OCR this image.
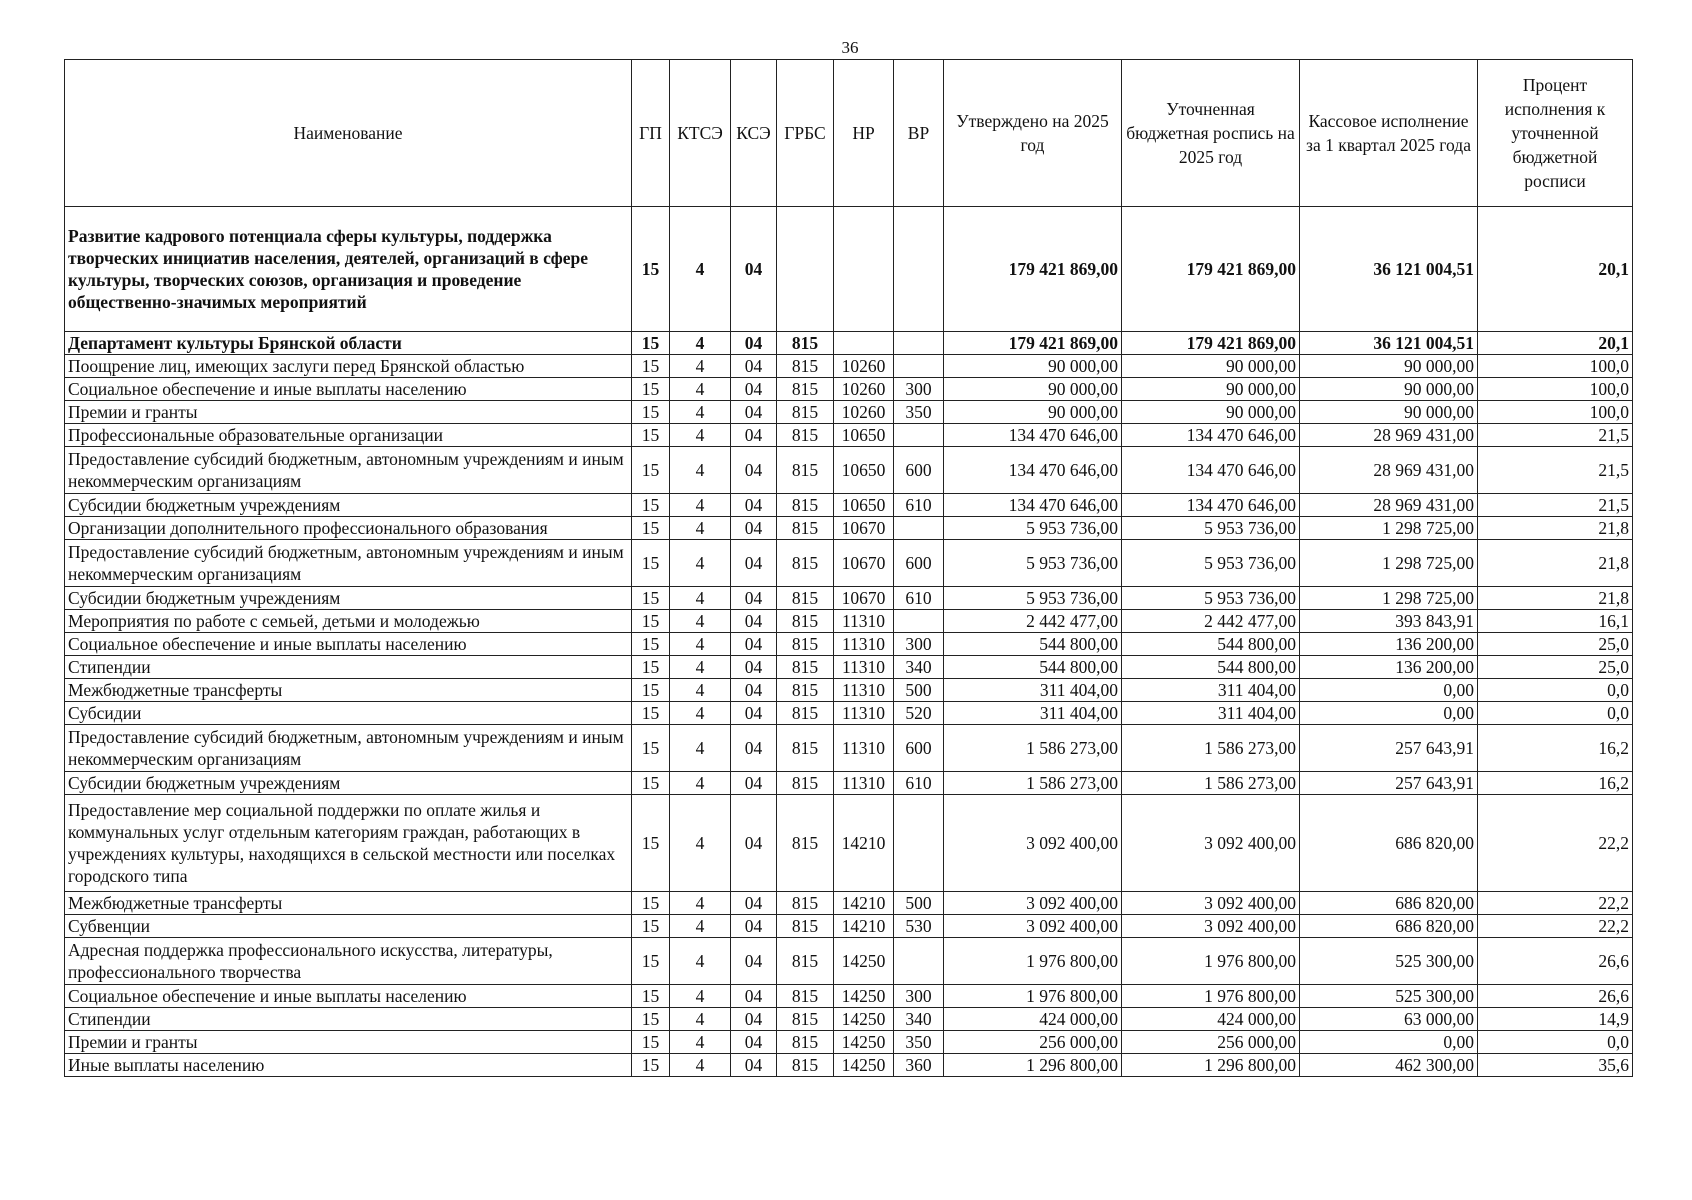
36
Наименование	ГП	КТСЭ	КСЭ	ГРБС	НР	ВР	Утверждено на 2025 год	Уточненная бюджетная роспись на 2025 год	Кассовое исполнение за 1 квартал 2025 года	Процент исполнения к уточненной бюджетной росписи
Развитие кадрового потенциала сферы культуры, поддержка творческих инициатив населения, деятелей, организаций в сфере культуры, творческих союзов, организация и проведение общественно-значимых мероприятий	15	4	04				179 421 869,00	179 421 869,00	36 121 004,51	20,1
Департамент культуры Брянской области	15	4	04	815			179 421 869,00	179 421 869,00	36 121 004,51	20,1
Поощрение лиц, имеющих заслуги перед Брянской областью	15	4	04	815	10260		90 000,00	90 000,00	90 000,00	100,0
Социальное обеспечение и иные выплаты населению	15	4	04	815	10260	300	90 000,00	90 000,00	90 000,00	100,0
Премии и гранты	15	4	04	815	10260	350	90 000,00	90 000,00	90 000,00	100,0
Профессиональные образовательные организации	15	4	04	815	10650		134 470 646,00	134 470 646,00	28 969 431,00	21,5
Предоставление субсидий бюджетным, автономным учреждениям и иным некоммерческим организациям	15	4	04	815	10650	600	134 470 646,00	134 470 646,00	28 969 431,00	21,5
Субсидии бюджетным учреждениям	15	4	04	815	10650	610	134 470 646,00	134 470 646,00	28 969 431,00	21,5
Организации дополнительного профессионального образования	15	4	04	815	10670		5 953 736,00	5 953 736,00	1 298 725,00	21,8
Предоставление субсидий бюджетным, автономным учреждениям и иным некоммерческим организациям	15	4	04	815	10670	600	5 953 736,00	5 953 736,00	1 298 725,00	21,8
Субсидии бюджетным учреждениям	15	4	04	815	10670	610	5 953 736,00	5 953 736,00	1 298 725,00	21,8
Мероприятия по работе с семьей, детьми и молодежью	15	4	04	815	11310		2 442 477,00	2 442 477,00	393 843,91	16,1
Социальное обеспечение и иные выплаты населению	15	4	04	815	11310	300	544 800,00	544 800,00	136 200,00	25,0
Стипендии	15	4	04	815	11310	340	544 800,00	544 800,00	136 200,00	25,0
Межбюджетные трансферты	15	4	04	815	11310	500	311 404,00	311 404,00	0,00	0,0
Субсидии	15	4	04	815	11310	520	311 404,00	311 404,00	0,00	0,0
Предоставление субсидий бюджетным, автономным учреждениям и иным некоммерческим организациям	15	4	04	815	11310	600	1 586 273,00	1 586 273,00	257 643,91	16,2
Субсидии бюджетным учреждениям	15	4	04	815	11310	610	1 586 273,00	1 586 273,00	257 643,91	16,2
Предоставление мер социальной поддержки по оплате жилья и коммунальных услуг отдельным категориям граждан, работающих в учреждениях культуры, находящихся в сельской местности или поселках городского типа	15	4	04	815	14210		3 092 400,00	3 092 400,00	686 820,00	22,2
Межбюджетные трансферты	15	4	04	815	14210	500	3 092 400,00	3 092 400,00	686 820,00	22,2
Субвенции	15	4	04	815	14210	530	3 092 400,00	3 092 400,00	686 820,00	22,2
Адресная поддержка профессионального искусства, литературы, профессионального творчества	15	4	04	815	14250		1 976 800,00	1 976 800,00	525 300,00	26,6
Социальное обеспечение и иные выплаты населению	15	4	04	815	14250	300	1 976 800,00	1 976 800,00	525 300,00	26,6
Стипендии	15	4	04	815	14250	340	424 000,00	424 000,00	63 000,00	14,9
Премии и гранты	15	4	04	815	14250	350	256 000,00	256 000,00	0,00	0,0
Иные выплаты населению	15	4	04	815	14250	360	1 296 800,00	1 296 800,00	462 300,00	35,6
